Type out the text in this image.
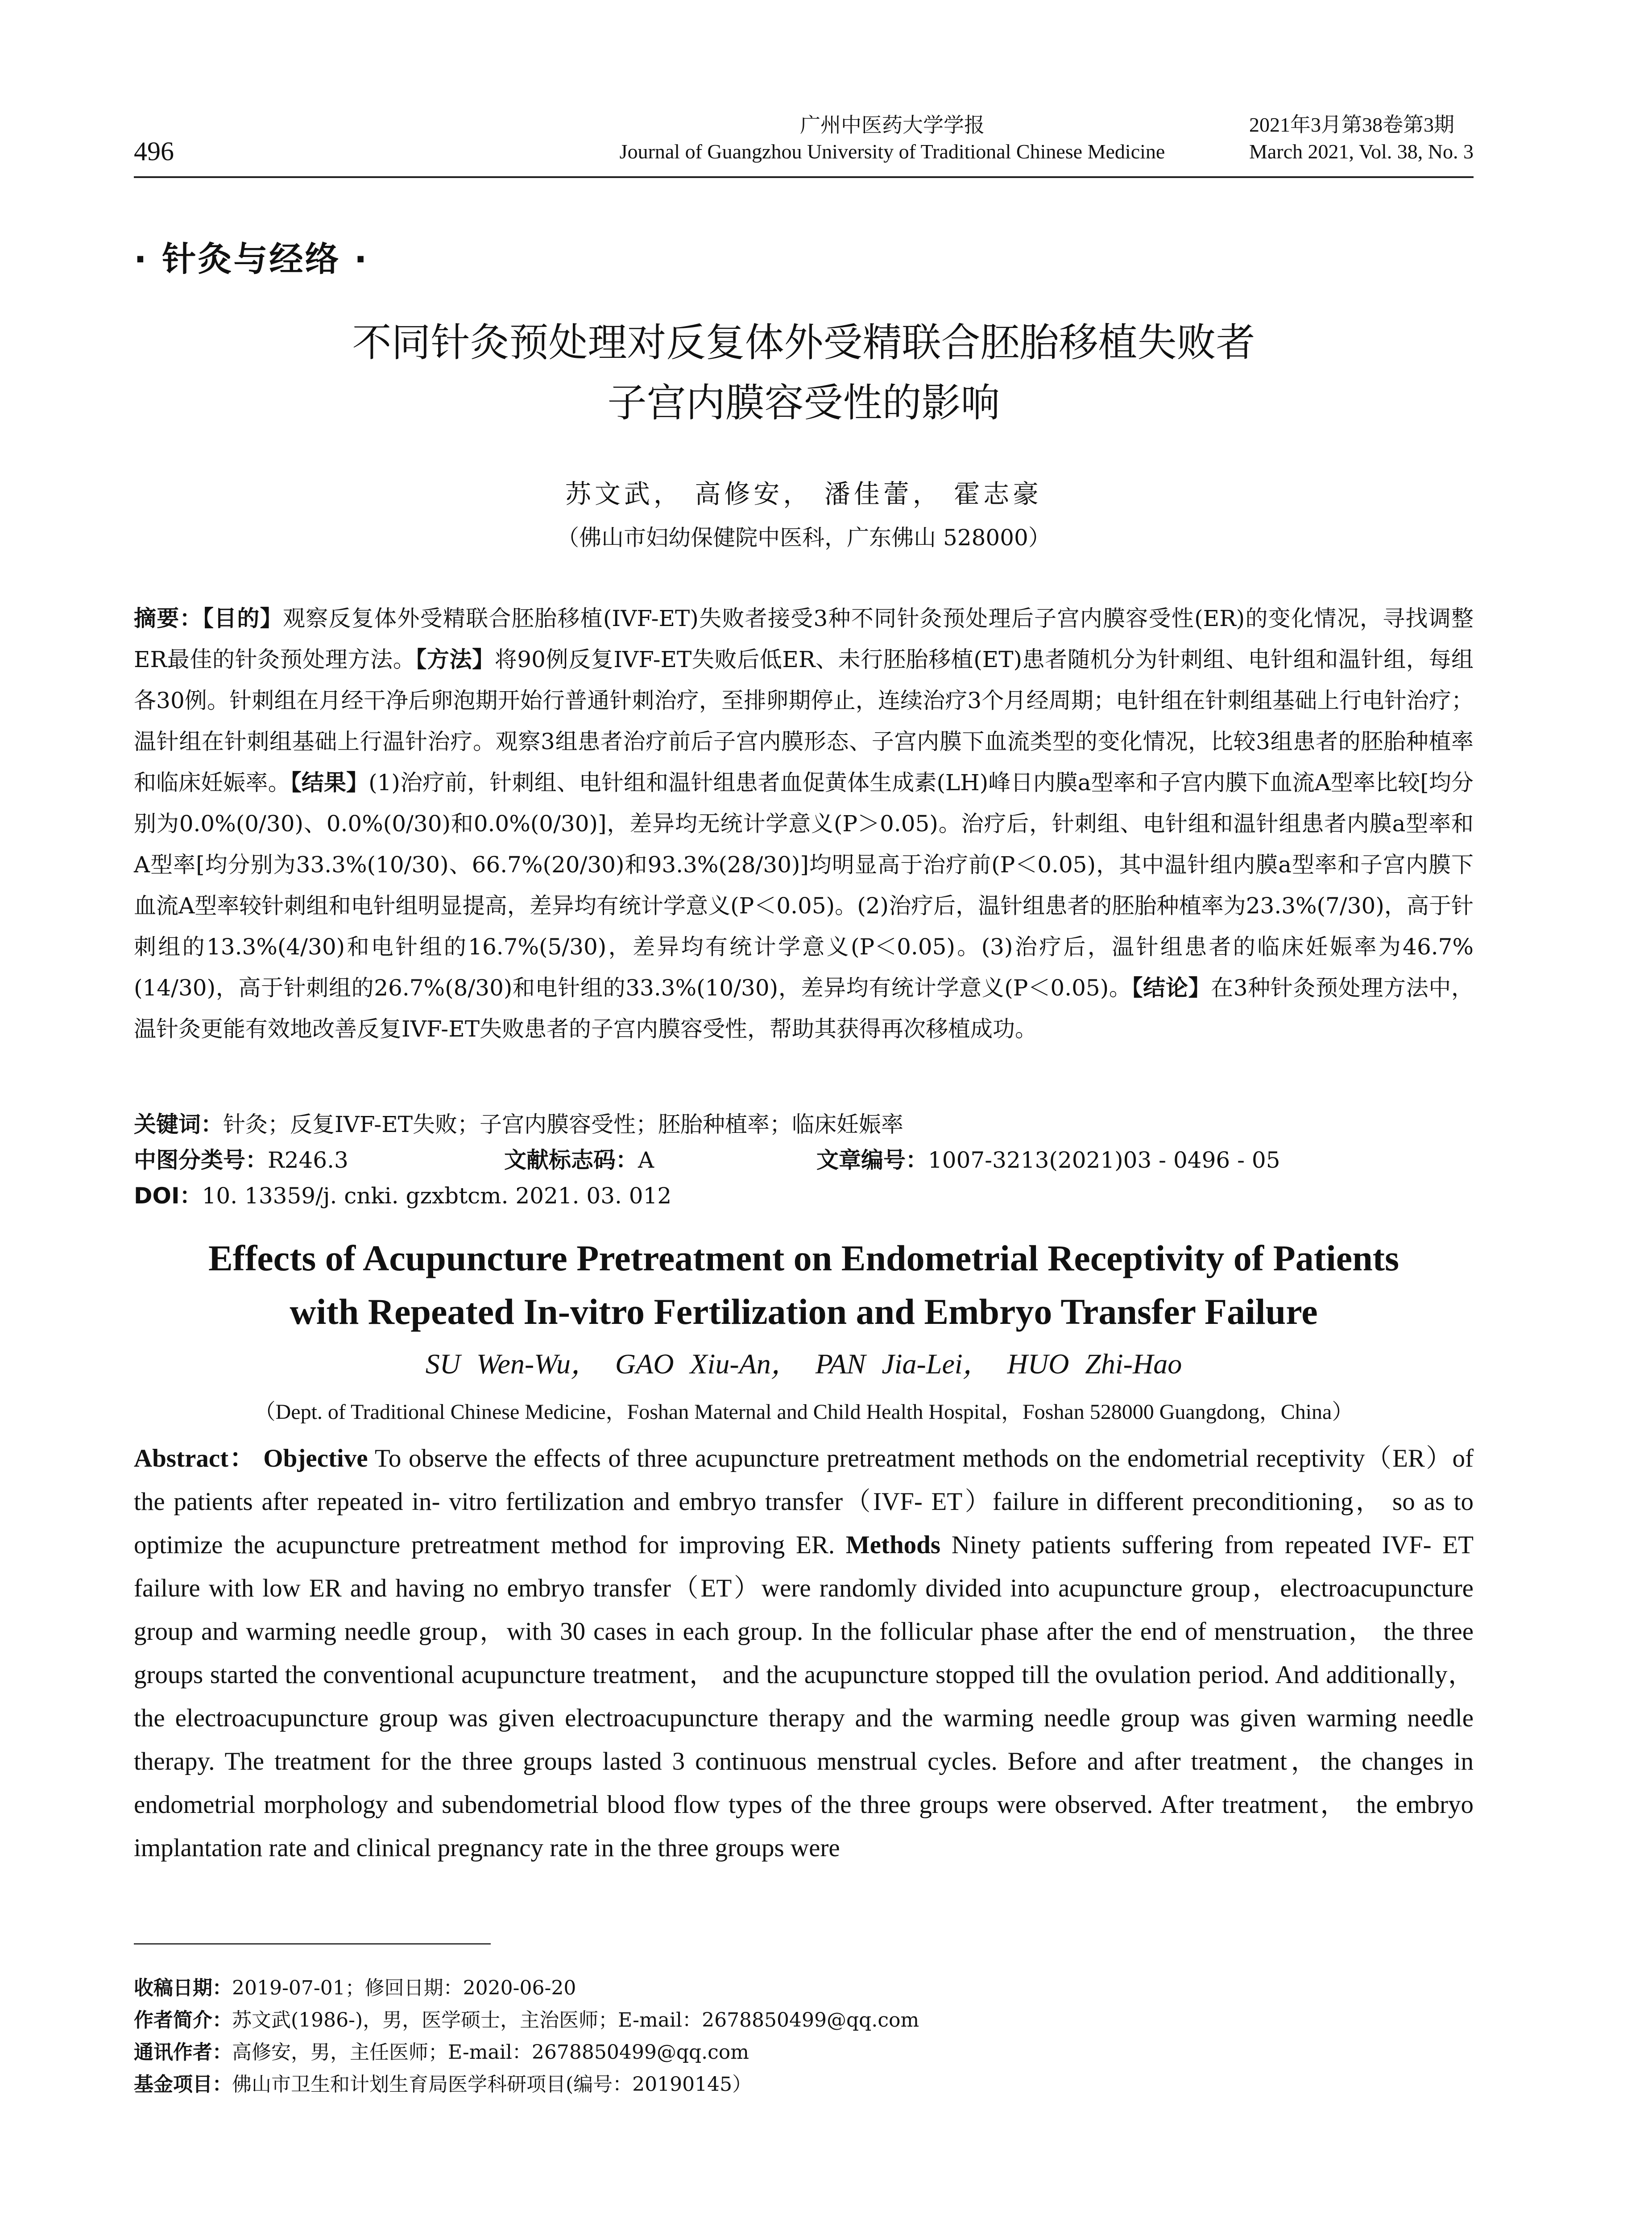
496
广州中医药大学学报
Journal of Guangzhou University of Traditional Chinese Medicine
2021年3月第38卷第3期
March 2021, Vol. 38, No. 3
· 针灸与经络 ·
不同针灸预处理对反复体外受精联合胚胎移植失败者
子宫内膜容受性的影响
苏文武， 高修安， 潘佳蕾， 霍志豪
（佛山市妇幼保健院中医科，广东佛山 528000）
摘要：【目的】观察反复体外受精联合胚胎移植(IVF-ET)失败者接受3种不同针灸预处理后子宫内膜容受性(ER)的变化情况，寻找调整ER最佳的针灸预处理方法。【方法】将90例反复IVF-ET失败后低ER、未行胚胎移植(ET)患者随机分为针刺组、电针组和温针组，每组各30例。针刺组在月经干净后卵泡期开始行普通针刺治疗，至排卵期停止，连续治疗3个月经周期；电针组在针刺组基础上行电针治疗；温针组在针刺组基础上行温针治疗。观察3组患者治疗前后子宫内膜形态、子宫内膜下血流类型的变化情况，比较3组患者的胚胎种植率和临床妊娠率。【结果】(1)治疗前，针刺组、电针组和温针组患者血促黄体生成素(LH)峰日内膜a型率和子宫内膜下血流A型率比较[均分别为0.0%(0/30)、0.0%(0/30)和0.0%(0/30)]，差异均无统计学意义(P＞0.05)。治疗后，针刺组、电针组和温针组患者内膜a型率和A型率[均分别为33.3%(10/30)、66.7%(20/30)和93.3%(28/30)]均明显高于治疗前(P＜0.05)，其中温针组内膜a型率和子宫内膜下血流A型率较针刺组和电针组明显提高，差异均有统计学意义(P＜0.05)。(2)治疗后，温针组患者的胚胎种植率为23.3%(7/30)，高于针刺组的13.3%(4/30)和电针组的16.7%(5/30)，差异均有统计学意义(P＜0.05)。(3)治疗后，温针组患者的临床妊娠率为46.7%(14/30)，高于针刺组的26.7%(8/30)和电针组的33.3%(10/30)，差异均有统计学意义(P＜0.05)。【结论】在3种针灸预处理方法中，温针灸更能有效地改善反复IVF-ET失败患者的子宫内膜容受性，帮助其获得再次移植成功。
关键词：针灸；反复IVF-ET失败；子宫内膜容受性；胚胎种植率；临床妊娠率
中图分类号：R246.3	文献标志码：A	文章编号：1007-3213(2021)03 - 0496 - 05
DOI：10. 13359/j. cnki. gzxbtcm. 2021. 03. 012
Effects of Acupuncture Pretreatment on Endometrial Receptivity of Patients
with Repeated In-vitro Fertilization and Embryo Transfer Failure
SU Wen-Wu， GAO Xiu-An， PAN Jia-Lei， HUO Zhi-Hao
（Dept. of Traditional Chinese Medicine，Foshan Maternal and Child Health Hospital，Foshan 528000 Guangdong，China）
Abstract： Objective To observe the effects of three acupuncture pretreatment methods on the endometrial receptivity（ER）of the patients after repeated in- vitro fertilization and embryo transfer（IVF- ET）failure in different preconditioning， so as to optimize the acupuncture pretreatment method for improving ER. Methods Ninety patients suffering from repeated IVF- ET failure with low ER and having no embryo transfer（ET）were randomly divided into acupuncture group，electroacupuncture group and warming needle group，with 30 cases in each group. In the follicular phase after the end of menstruation， the three groups started the conventional acupuncture treatment， and the acupuncture stopped till the ovulation period. And additionally， the electroacupuncture group was given electroacupuncture therapy and the warming needle group was given warming needle therapy. The treatment for the three groups lasted 3 continuous menstrual cycles. Before and after treatment，the changes in endometrial morphology and subendometrial blood flow types of the three groups were observed. After treatment， the embryo implantation rate and clinical pregnancy rate in the three groups were
收稿日期：2019-07-01；修回日期：2020-06-20
作者简介：苏文武(1986-)，男，医学硕士，主治医师；E-mail：2678850499@qq.com
通讯作者：高修安，男，主任医师；E-mail：2678850499@qq.com
基金项目：佛山市卫生和计划生育局医学科研项目(编号：20190145）
